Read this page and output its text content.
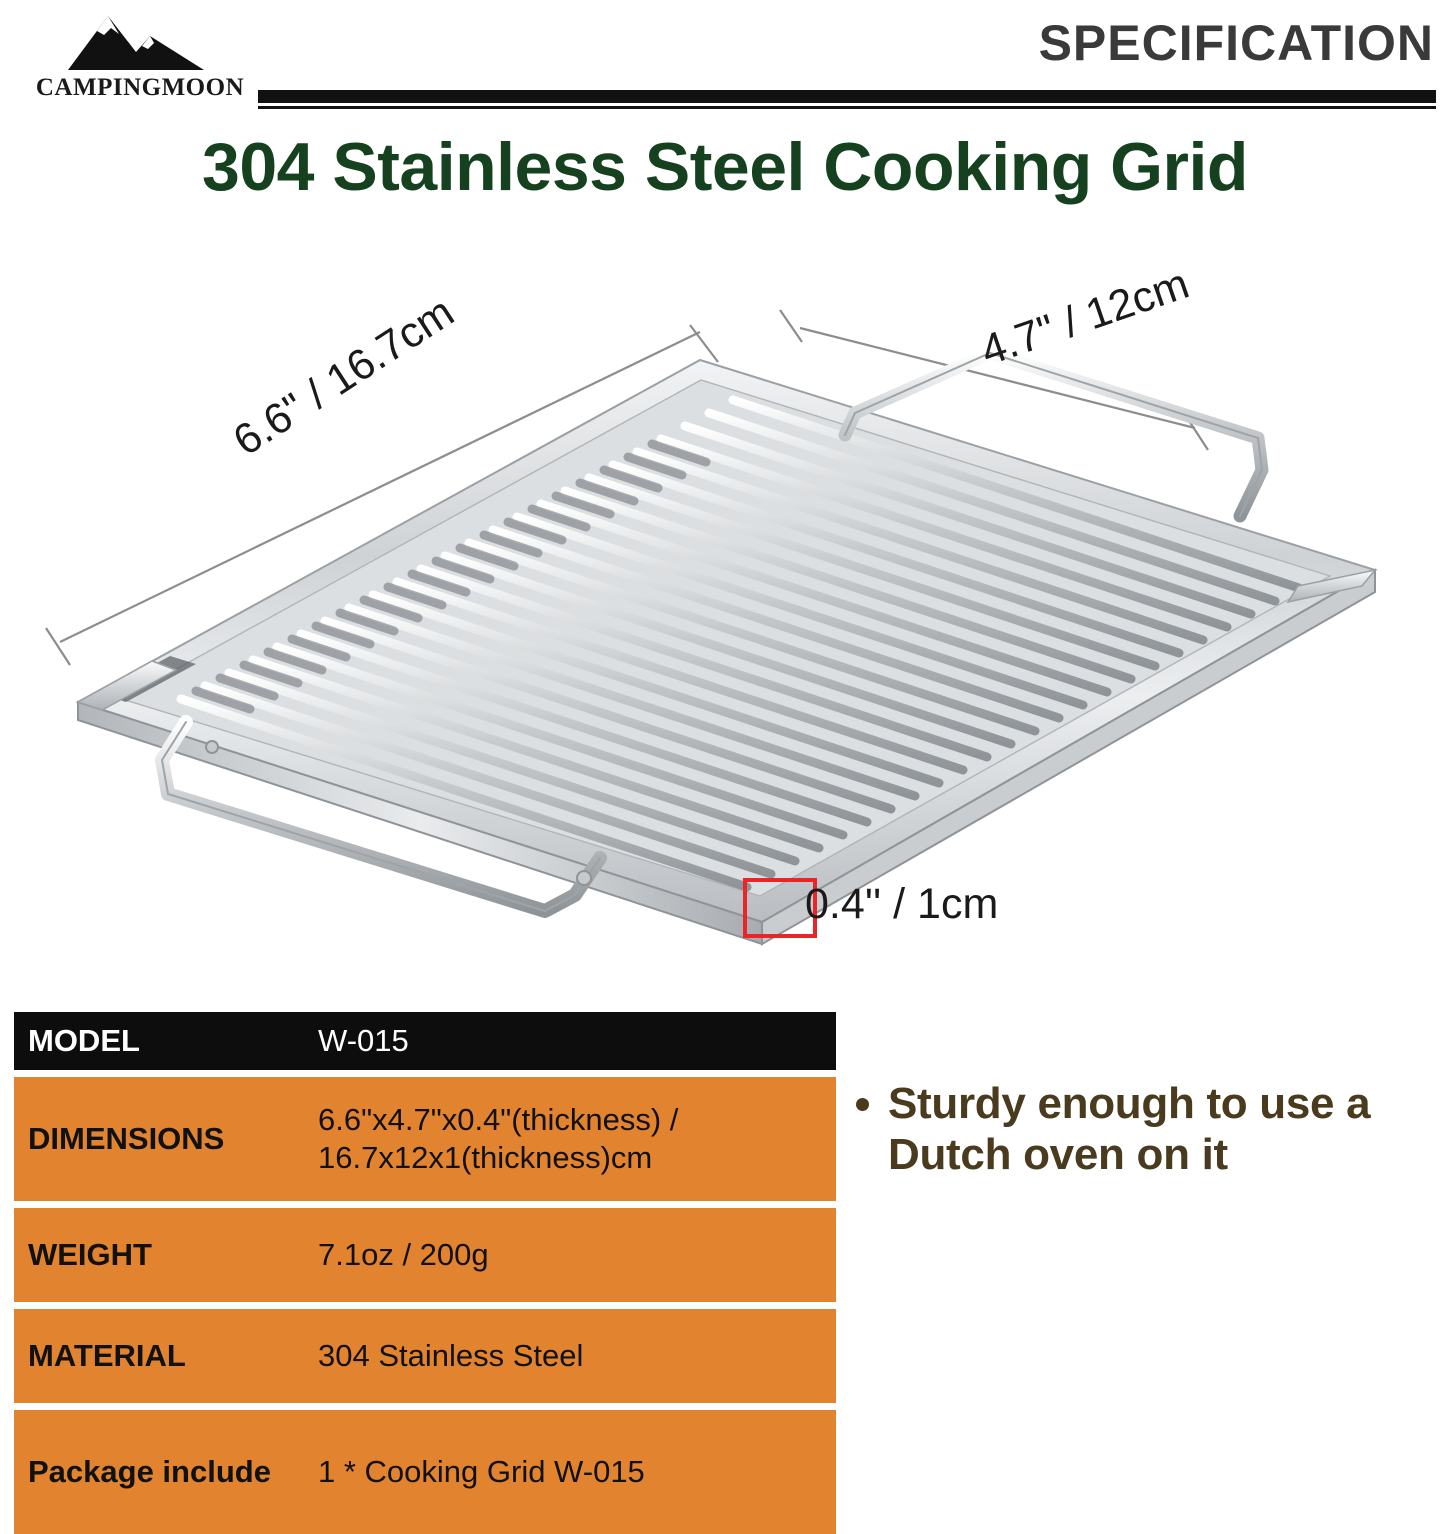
CAMPINGMOON
SPECIFICATION
304 Stainless Steel Cooking Grid
6.6" / 16.7cm	4.7" / 12cm
0.4'' / 1cm
MODEL	W-015

DIMENSIONS	6.6"x4.7"x0.4"(thickness) / 16.7x12x1(thickness)cm

WEIGHT	7.1oz / 200g

MATERIAL	304 Stainless Steel

Package include	1 * Cooking Grid W-015
Sturdy enough to use a Dutch oven on it
